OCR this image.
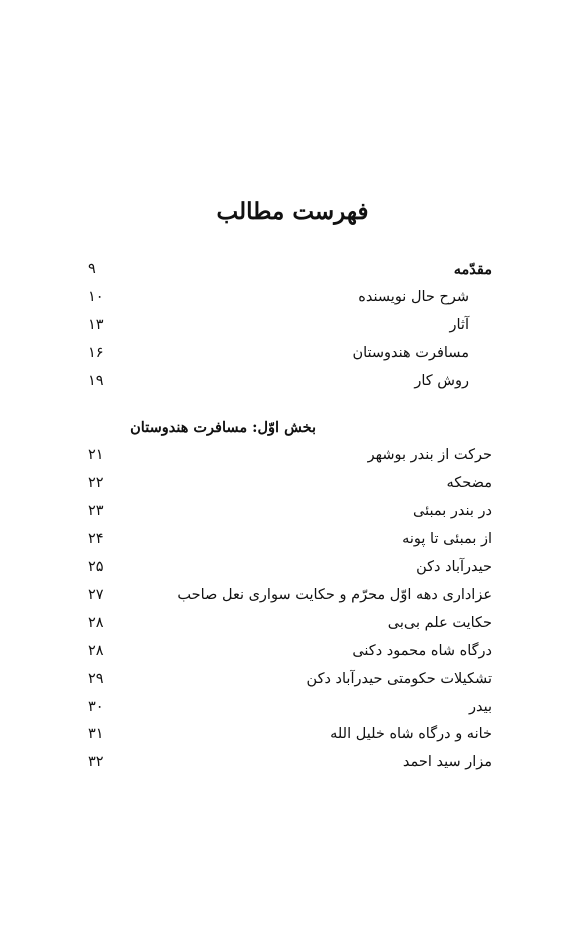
فهرست مطالب
مقدّمه
۹
شرح حال نویسنده
۱۰
آثار
۱۳
مسافرت هندوستان
۱۶
روش کار
۱۹
بخش اوّل: مسافرت هندوستان
حرکت از بندر بوشهر
۲۱
مضحکه
۲۲
در بندر بمبئی
۲۳
از بمبئی تا پونه
۲۴
حیدرآباد دکن
۲۵
عزاداری دهه اوّل محرّم و حکایت سواری نعل صاحب
۲۷
حکایت علم بی‌بی
۲۸
درگاه شاه محمود دکنی
۲۸
تشکیلات حکومتی حیدرآباد دکن
۲۹
بیدر
۳۰
خانه و درگاه شاه خلیل الله
۳۱
مزار سید احمد
۳۲
